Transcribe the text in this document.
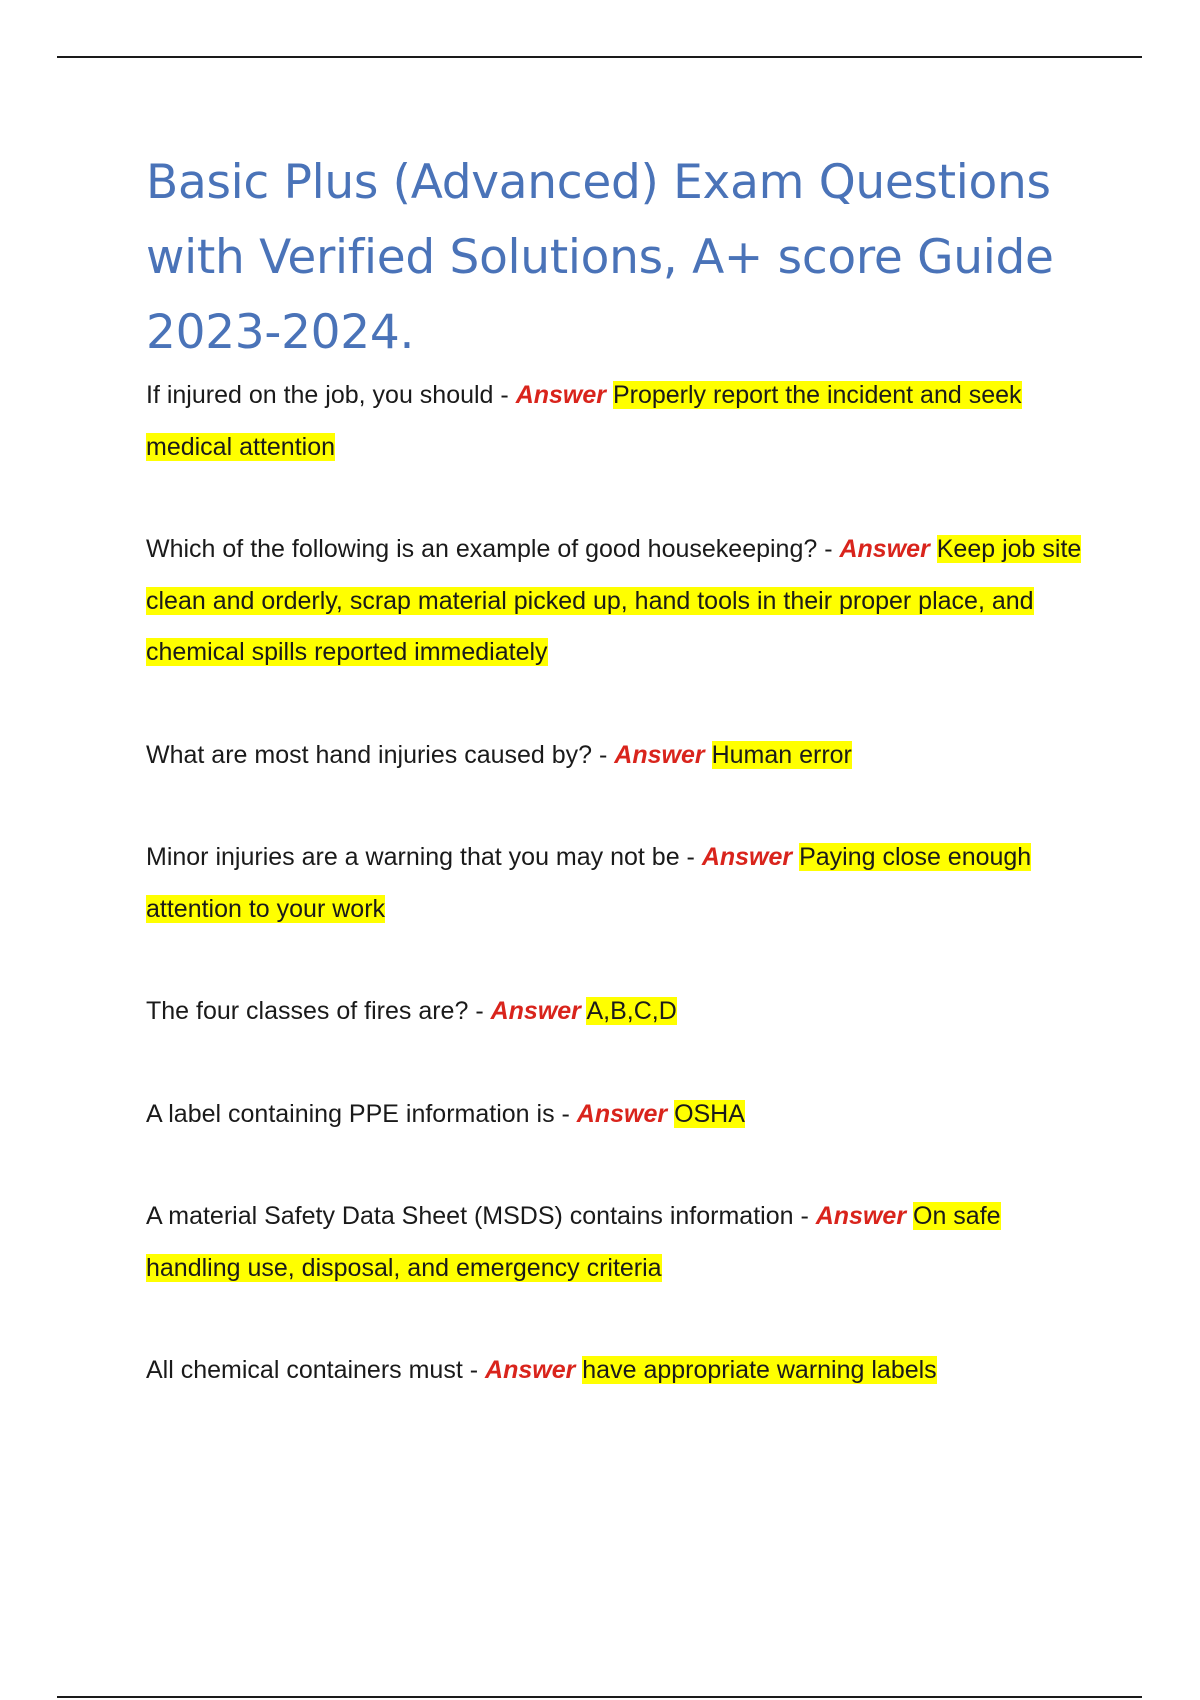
Basic Plus (Advanced) Exam Questions with Verified Solutions, A+ score Guide 2023-2024.

If injured on the job, you should - Answer Properly report the incident and seek medical attention

Which of the following is an example of good housekeeping? - Answer Keep job site clean and orderly, scrap material picked up, hand tools in their proper place, and chemical spills reported immediately

What are most hand injuries caused by? - Answer Human error

Minor injuries are a warning that you may not be - Answer Paying close enough attention to your work

The four classes of fires are? - Answer A,B,C,D

A label containing PPE information is - Answer OSHA

A material Safety Data Sheet (MSDS) contains information - Answer On safe handling use, disposal, and emergency criteria

All chemical containers must - Answer have appropriate warning labels
